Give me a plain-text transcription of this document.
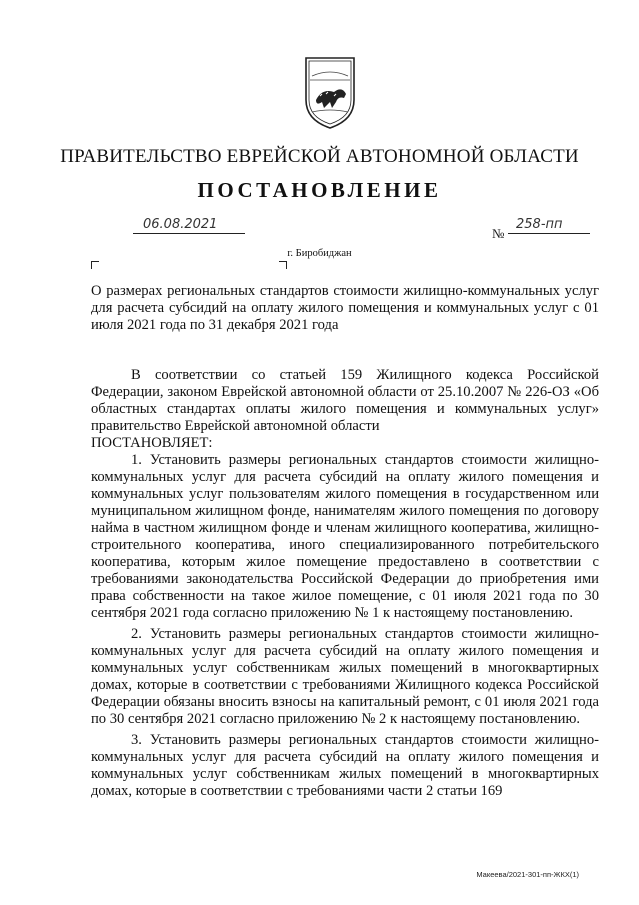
ПРАВИТЕЛЬСТВО ЕВРЕЙСКОЙ АВТОНОМНОЙ ОБЛАСТИ
ПОСТАНОВЛЕНИЕ
06.08.2021
№
258-пп
г. Биробиджан
О размерах региональных стандартов стоимости жилищно-коммунальных услуг для расчета субсидий на оплату жилого помещения и коммунальных услуг с 01 июля 2021 года по 31 декабря 2021 года

В соответствии со статьей 159 Жилищного кодекса Российской Федерации, законом Еврейской автономной области от 25.10.2007 № 226-ОЗ «Об областных стандартах оплаты жилого помещения и коммунальных услуг» правительство Еврейской автономной области

ПОСТАНОВЛЯЕТ:

1. Установить размеры региональных стандартов стоимости жилищно-коммунальных услуг для расчета субсидий на оплату жилого помещения и коммунальных услуг пользователям жилого помещения в государственном или муниципальном жилищном фонде, нанимателям жилого помещения по договору найма в частном жилищном фонде и членам жилищного кооператива, жилищно-строительного кооператива, иного специализированного потребительского кооператива, которым жилое помещение предоставлено в соответствии с требованиями законодательства Российской Федерации до приобретения ими права собственности на такое жилое помещение, с 01 июля 2021 года по 30 сентября 2021 года согласно приложению № 1 к настоящему постановлению.

2. Установить размеры региональных стандартов стоимости жилищно-коммунальных услуг для расчета субсидий на оплату жилого помещения и коммунальных услуг собственникам жилых помещений в многоквартирных домах, которые в соответствии с требованиями Жилищного кодекса Российской Федерации обязаны вносить взносы на капитальный ремонт, с 01 июля 2021 года по 30 сентября 2021 согласно приложению № 2 к настоящему постановлению.

3. Установить размеры региональных стандартов стоимости жилищно-коммунальных услуг для расчета субсидий на оплату жилого помещения и коммунальных услуг собственникам жилых помещений в многоквартирных домах, которые в соответствии с требованиями части 2 статьи 169

Макеева/2021-301-пп-ЖКХ(1)
